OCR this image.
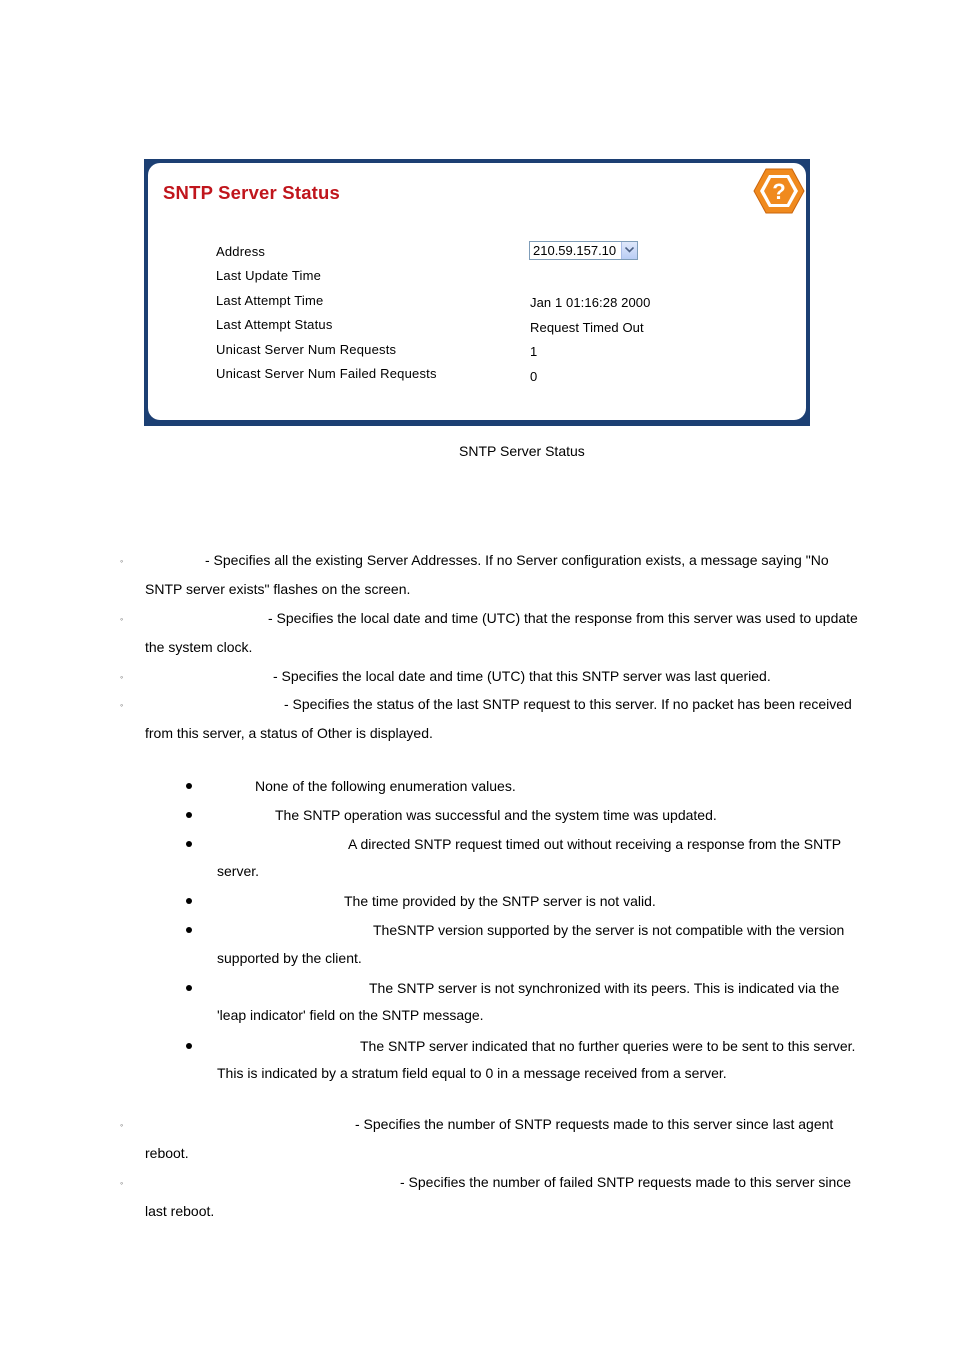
SNTP Server Status	?
Address	210.59.157.10
Last Update Time
Last Attempt Time	Jan 1 01:16:28 2000
Last Attempt Status	Request Timed Out
Unicast Server Num Requests	1
Unicast Server Num Failed Requests	0
SNTP Server Status
◦	- Specifies all the existing Server Addresses. If no Server configuration exists, a message saying "No
SNTP server exists" flashes on the screen.
◦	- Specifies the local date and time (UTC) that the response from this server was used to update
the system clock.
◦	- Specifies the local date and time (UTC) that this SNTP server was last queried.
◦	- Specifies the status of the last SNTP request to this server. If no packet has been received
from this server, a status of Other is displayed.
None of the following enumeration values.
The SNTP operation was successful and the system time was updated.
A directed SNTP request timed out without receiving a response from the SNTP
server.
The time provided by the SNTP server is not valid.
TheSNTP version supported by the server is not compatible with the version
supported by the client.
The SNTP server is not synchronized with its peers. This is indicated via the
'leap indicator' field on the SNTP message.
The SNTP server indicated that no further queries were to be sent to this server.
This is indicated by a stratum field equal to 0 in a message received from a server.
◦	- Specifies the number of SNTP requests made to this server since last agent
reboot.
◦	- Specifies the number of failed SNTP requests made to this server since
last reboot.
